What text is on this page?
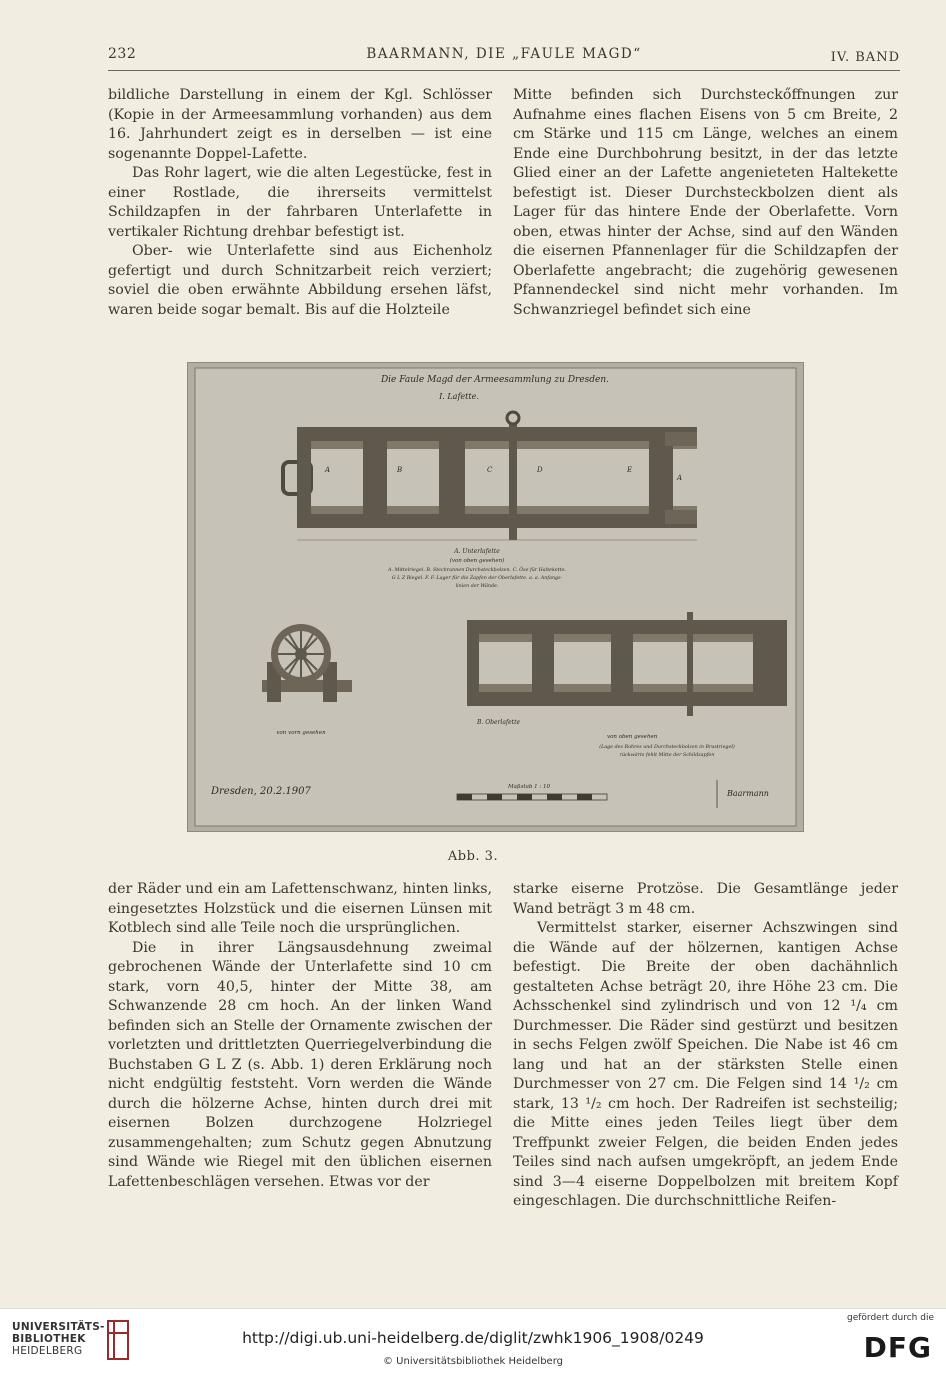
232	BAARMANN, DIE „FAULE MAGD“	IV. BAND

bildliche Darstellung in einem der Kgl. Schlösser (Kopie in der Armeesammlung vorhanden) aus dem 16. Jahrhundert zeigt es in derselben — ist eine sogenannte Doppel-Lafette.

Das Rohr lagert, wie die alten Legestücke, fest in einer Rostlade, die ihrerseits vermittelst Schildzapfen in der fahrbaren Unterlafette in vertikaler Richtung drehbar befestigt ist.

Ober- wie Unterlafette sind aus Eichenholz gefertigt und durch Schnitzarbeit reich verziert; soviel die oben erwähnte Abbildung ersehen läfst, waren beide sogar bemalt. Bis auf die Holzteile

Mitte befinden sich Durchsteckőffnungen zur Aufnahme eines flachen Eisens von 5 cm Breite, 2 cm Stärke und 115 cm Länge, welches an einem Ende eine Durchbohrung besitzt, in der das letzte Glied einer an der Lafette angenieteten Haltekette befestigt ist. Dieser Durchsteckbolzen dient als Lager für das hintere Ende der Oberlafette. Vorn oben, etwas hinter der Achse, sind auf den Wänden die eisernen Pfannenlager für die Schildzapfen der Oberlafette angebracht; die zugehörig gewesenen Pfannendeckel sind nicht mehr vorhanden. Im Schwanzriegel befindet sich eine

Die Faule Magd der Armeesammlung zu Dresden.
I. Lafette.
A	B	C	D	E
A
A. Unterlafette
(von oben gesehen)
A. Mittelriegel. B. Stechrunnen Durchsteckbolzen. C. Öse für Haltekette.
G L Z Riegel. F. F. Lager für die Zapfen der Oberlafette. a. a. Anfangs-
linien der Wände.
von vorn gesehen
B. Oberlafette
von oben gesehen
(Lage des Rohres und Durchsteckbolzen in Brustriegel)
rückwärts fehlt Mitte der Schildzapfen
Dresden, 20.2.1907	Maßstab 1 : 10
Baarmann
Abb. 3.

der Räder und ein am Lafettenschwanz, hinten links, eingesetztes Holzstück und die eisernen Lünsen mit Kotblech sind alle Teile noch die ursprünglichen.

Die in ihrer Längsausdehnung zweimal gebrochenen Wände der Unterlafette sind 10 cm stark, vorn 40,5, hinter der Mitte 38, am Schwanzende 28 cm hoch. An der linken Wand befinden sich an Stelle der Ornamente zwischen der vorletzten und drittletzten Querriegelverbindung die Buchstaben G L Z (s. Abb. 1) deren Erklärung noch nicht endgültig feststeht. Vorn werden die Wände durch die hölzerne Achse, hinten durch drei mit eisernen Bolzen durchzogene Holzriegel zusammengehalten; zum Schutz gegen Abnutzung sind Wände wie Riegel mit den üblichen eisernen Lafettenbeschlägen versehen. Etwas vor der

starke eiserne Protzöse. Die Gesamtlänge jeder Wand beträgt 3 m 48 cm.

Vermittelst starker, eiserner Achszwingen sind die Wände auf der hölzernen, kantigen Achse befestigt. Die Breite der oben dachähnlich gestalteten Achse beträgt 20, ihre Höhe 23 cm. Die Achsschenkel sind zylindrisch und von 12 ¹/₄ cm Durchmesser. Die Räder sind gestürzt und besitzen in sechs Felgen zwölf Speichen. Die Nabe ist 46 cm lang und hat an der stärksten Stelle einen Durchmesser von 27 cm. Die Felgen sind 14 ¹/₂ cm stark, 13 ¹/₂ cm hoch. Der Radreifen ist sechsteilig; die Mitte eines jeden Teiles liegt über dem Treffpunkt zweier Felgen, die beiden Enden jedes Teiles sind nach aufsen umgekröpft, an jedem Ende sind 3—4 eiserne Doppelbolzen mit breitem Kopf eingeschlagen. Die durchschnittliche Reifen-

UNIVERSITÄTS-
BIBLIOTHEK
HEIDELBERG
http://digi.ub.uni-heidelberg.de/diglit/zwhk1906_1908/0249
© Universitätsbibliothek Heidelberg
gefördert durch die
DFG
